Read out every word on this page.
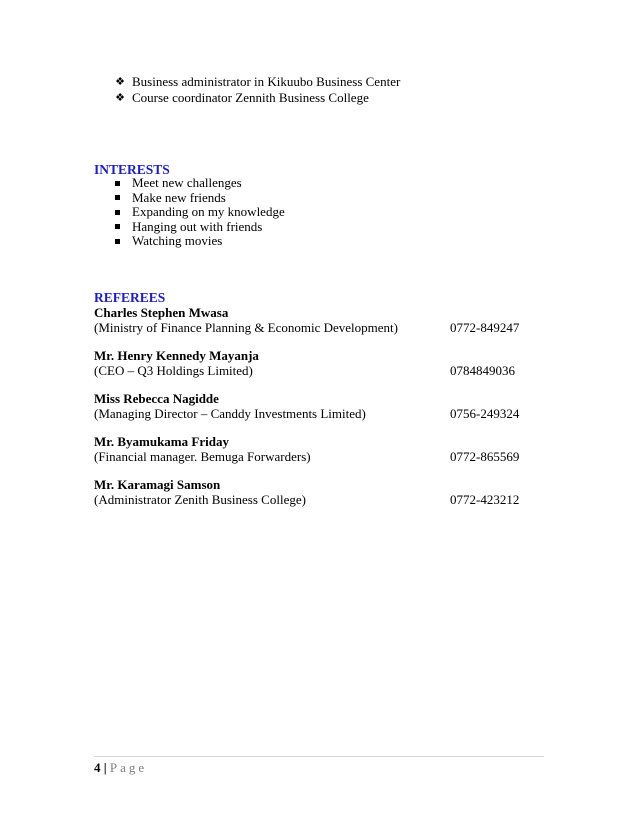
❖ Business administrator in Kikuubo Business Center
❖ Course coordinator Zennith Business College
INTERESTS
Meet new challenges
Make new friends
Expanding on my knowledge
Hanging out with friends
Watching movies
REFEREES
Charles Stephen Mwasa
(Ministry of Finance Planning & Economic Development)	0772-849247
Mr. Henry Kennedy Mayanja
(CEO – Q3 Holdings Limited)	0784849036
Miss Rebecca Nagidde
(Managing Director – Canddy Investments Limited)	0756-249324
Mr. Byamukama Friday
(Financial manager. Bemuga Forwarders)	0772-865569
Mr. Karamagi Samson
(Administrator Zenith Business College)	0772-423212
4 | Page
